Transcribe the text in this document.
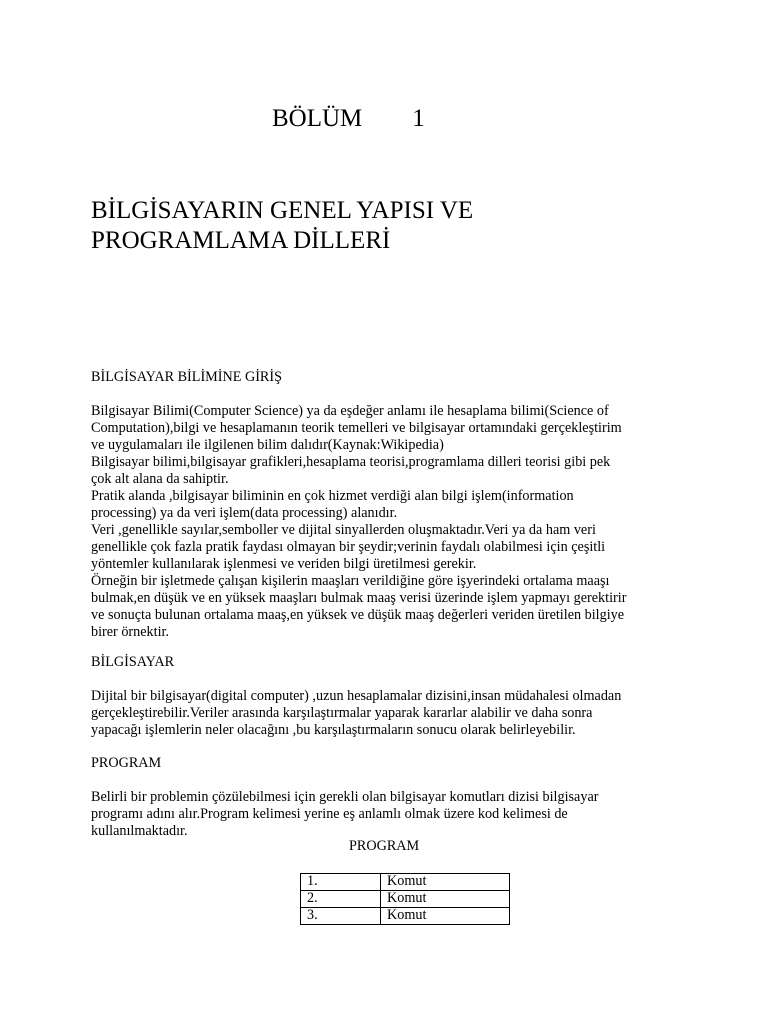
BÖLÜM 1
BİLGİSAYARIN GENEL YAPISI VE
PROGRAMLAMA DİLLERİ
BİLGİSAYAR BİLİMİNE GİRİŞ

Bilgisayar Bilimi(Computer Science) ya da eşdeğer anlamı ile hesaplama bilimi(Science of

Computation),bilgi ve hesaplamanın teorik temelleri ve bilgisayar ortamındaki gerçekleştirim

ve uygulamaları ile ilgilenen bilim dalıdır(Kaynak:Wikipedia)

Bilgisayar bilimi,bilgisayar grafikleri,hesaplama teorisi,programlama dilleri teorisi gibi pek

çok alt alana da sahiptir.

Pratik alanda ,bilgisayar biliminin en çok hizmet verdiği alan bilgi işlem(information

processing) ya da veri işlem(data processing) alanıdır.

Veri ,genellikle sayılar,semboller ve dijital sinyallerden oluşmaktadır.Veri ya da ham veri

genellikle çok fazla pratik faydası olmayan bir şeydir;verinin faydalı olabilmesi için çeşitli

yöntemler kullanılarak işlenmesi ve veriden bilgi üretilmesi gerekir.

Örneğin bir işletmede çalışan kişilerin maaşları verildiğine göre işyerindeki ortalama maaşı

bulmak,en düşük ve en yüksek maaşları bulmak maaş verisi üzerinde işlem yapmayı gerektirir

ve sonuçta bulunan ortalama maaş,en yüksek ve düşük maaş değerleri veriden üretilen bilgiye

birer örnektir.

BİLGİSAYAR

Dijital bir bilgisayar(digital computer) ,uzun hesaplamalar dizisini,insan müdahalesi olmadan

gerçekleştirebilir.Veriler arasında karşılaştırmalar yaparak kararlar alabilir ve daha sonra

yapacağı işlemlerin neler olacağını ,bu karşılaştırmaların sonucu olarak belirleyebilir.

PROGRAM

Belirli bir problemin çözülebilmesi için gerekli olan bilgisayar komutları dizisi bilgisayar

programı adını alır.Program kelimesi yerine eş anlamlı olmak üzere kod kelimesi de

kullanılmaktadır.

PROGRAM
1.	Komut
2.	Komut
3.	Komut
